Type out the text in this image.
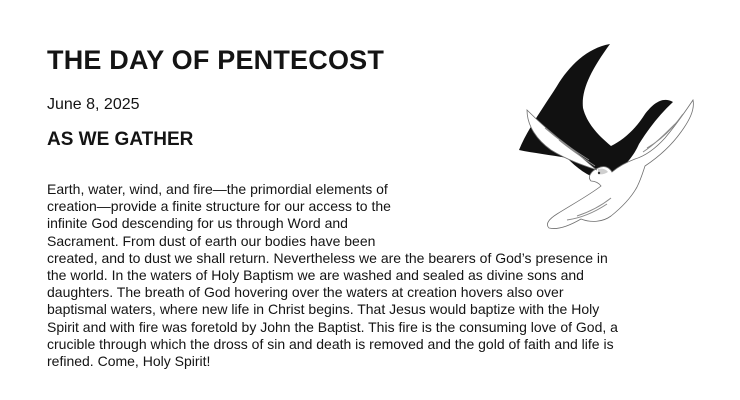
THE DAY OF PENTECOST
June 8, 2025
AS WE GATHER
Earth, water, wind, and fire—the primordial elements of
creation—provide a finite structure for our access to the
infinite God descending for us through Word and
Sacrament. From dust of earth our bodies have been
created, and to dust we shall return. Nevertheless we are the bearers of God’s presence in
the world. In the waters of Holy Baptism we are washed and sealed as divine sons and
daughters. The breath of God hovering over the waters at creation hovers also over
baptismal waters, where new life in Christ begins. That Jesus would baptize with the Holy
Spirit and with fire was foretold by John the Baptist. This fire is the consuming love of God, a
crucible through which the dross of sin and death is removed and the gold of faith and life is
refined. Come, Holy Spirit!
